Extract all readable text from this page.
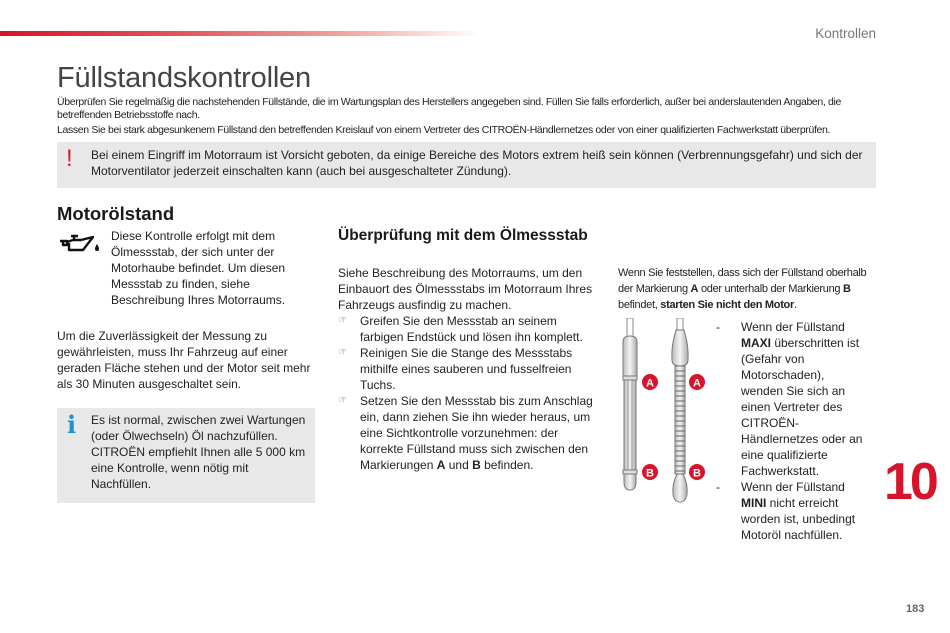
Kontrollen
Füllstandskontrollen

Überprüfen Sie regelmäßig die nachstehenden Füllstände, die im Wartungsplan des Herstellers angegeben sind. Füllen Sie falls erforderlich, außer bei anderslautenden Angaben, die betreffenden Betriebsstoffe nach.

Lassen Sie bei stark abgesunkenem Füllstand den betreffenden Kreislauf von einem Vertreter des CITROËN-Händlernetzes oder von einer qualifizierten Fachwerkstatt überprüfen.

! Bei einem Eingriff im Motorraum ist Vorsicht geboten, da einige Bereiche des Motors extrem heiß sein können (Verbrennungsgefahr) und sich der Motorventilator jederzeit einschalten kann (auch bei ausgeschalteter Zündung).
Motorölstand
Diese Kontrolle erfolgt mit dem Ölmessstab, der sich unter der Motorhaube befindet. Um diesen Messstab zu finden, siehe Beschreibung Ihres Motorraums.
Um die Zuverlässigkeit der Messung zu gewährleisten, muss Ihr Fahrzeug auf einer geraden Fläche stehen und der Motor seit mehr als 30 Minuten ausgeschaltet sein.
i Es ist normal, zwischen zwei Wartungen (oder Ölwechseln) Öl nachzufüllen. CITROËN empfiehlt Ihnen alle 5 000 km eine Kontrolle, wenn nötig mit Nachfüllen.
Überprüfung mit dem Ölmessstab
Siehe Beschreibung des Motorraums, um den Einbauort des Ölmessstabs im Motorraum Ihres Fahrzeugs ausfindig zu machen.
☞ Greifen Sie den Messstab an seinem farbigen Endstück und lösen ihn komplett.
☞ Reinigen Sie die Stange des Messstabs mithilfe eines sauberen und fusselfreien Tuchs.
☞ Setzen Sie den Messstab bis zum Anschlag ein, dann ziehen Sie ihn wieder heraus, um eine Sichtkontrolle vorzunehmen: der korrekte Füllstand muss sich zwischen den Markierungen A und B befinden.
Wenn Sie feststellen, dass sich der Füllstand oberhalb der Markierung A oder unterhalb der Markierung B befindet, starten Sie nicht den Motor.
A
B
A
B
- Wenn der Füllstand MAXI überschritten ist (Gefahr von Motorschaden), wenden Sie sich an einen Vertreter des CITROËN-Händlernetzes oder an eine qualifizierte Fachwerkstatt.
- Wenn der Füllstand MINI nicht erreicht worden ist, unbedingt Motoröl nachfüllen.
10
183
